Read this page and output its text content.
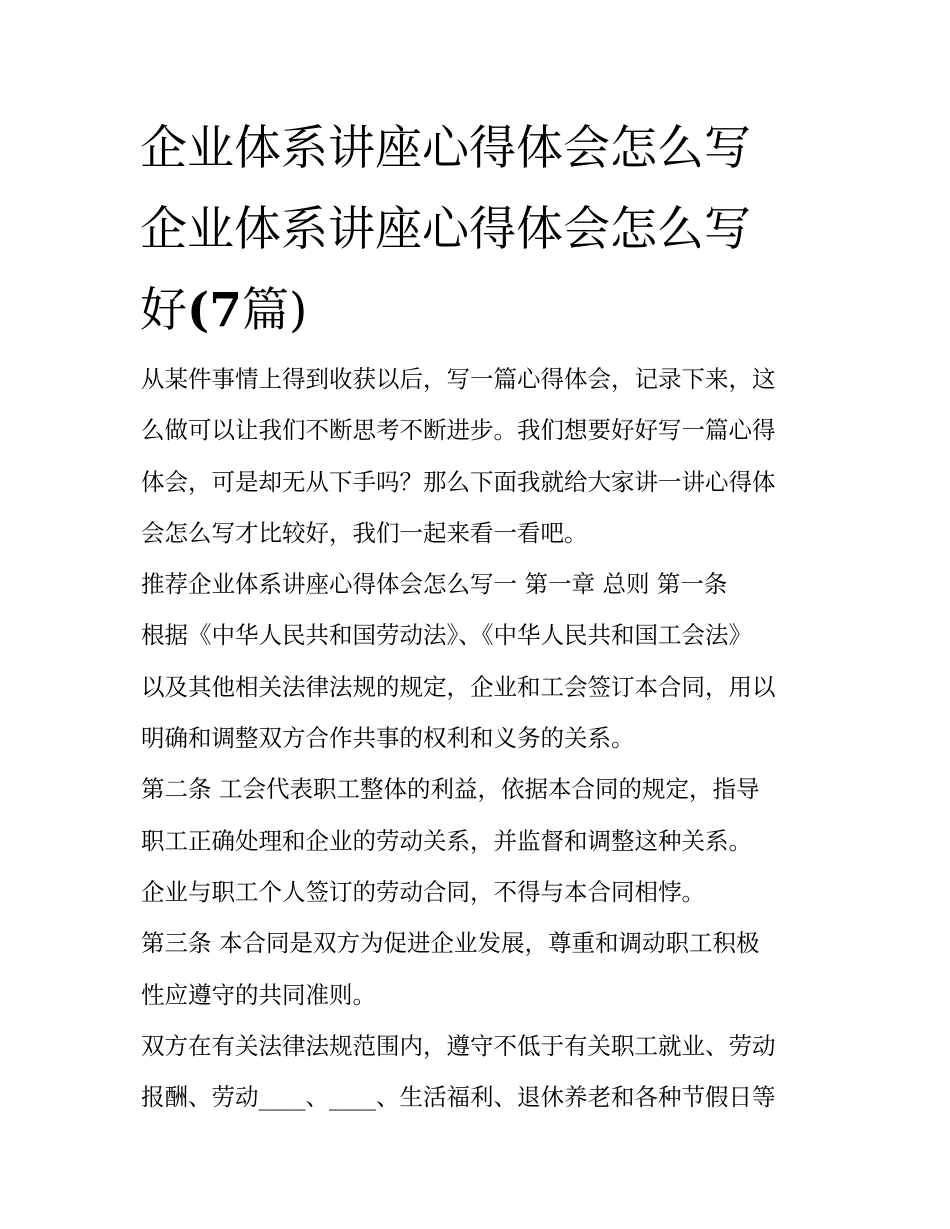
企业体系讲座心得体会怎么写
企业体系讲座心得体会怎么写
好(7篇)
从某件事情上得到收获以后，写一篇心得体会，记录下来，这
么做可以让我们不断思考不断进步。我们想要好好写一篇心得
体会，可是却无从下手吗？那么下面我就给大家讲一讲心得体
会怎么写才比较好，我们一起来看一看吧。
推荐企业体系讲座心得体会怎么写一 第一章 总则 第一条
根据《中华人民共和国劳动法》、《中华人民共和国工会法》
以及其他相关法律法规的规定，企业和工会签订本合同，用以
明确和调整双方合作共事的权利和义务的关系。
第二条 工会代表职工整体的利益，依据本合同的规定，指导
职工正确处理和企业的劳动关系，并监督和调整这种关系。
企业与职工个人签订的劳动合同，不得与本合同相悖。
第三条 本合同是双方为促进企业发展，尊重和调动职工积极
性应遵守的共同准则。
双方在有关法律法规范围内，遵守不低于有关职工就业、劳动
报酬、劳动____、____、生活福利、退休养老和各种节假日等
